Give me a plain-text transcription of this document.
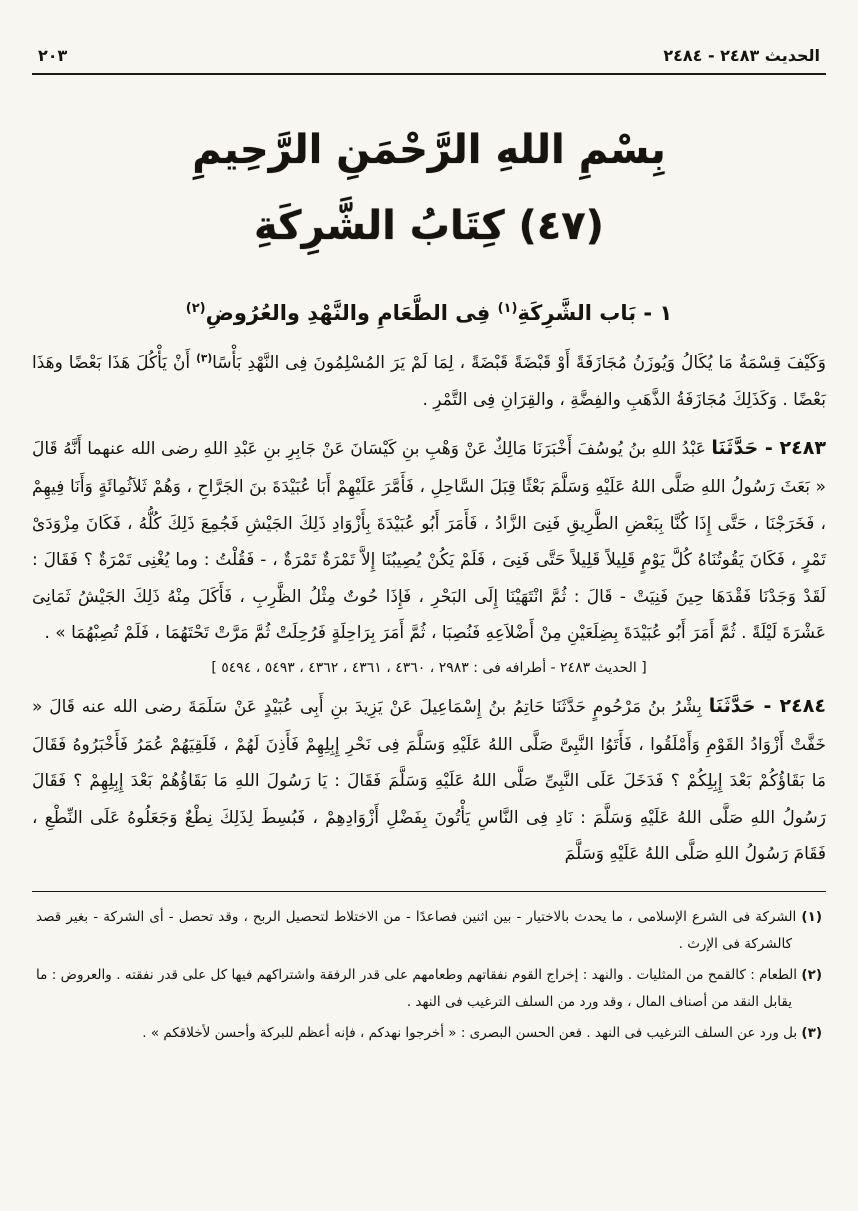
الحديث ٢٤٨٣ - ٢٤٨٤
٢٠٣
بِسْمِ اللهِ الرَّحْمَنِ الرَّحِيمِ
(٤٧) كِتَابُ الشَّرِكَةِ
١ - بَاب الشَّرِكَةِ$^{(١)}$ فِى الطَّعَامِ والنَّهْدِ والعُرُوضِ$^{(٢)}$

وَكَيْفَ قِسْمَةُ مَا يُكَالُ وَيُوزَنُ مُجَازَفَةً أَوْ قَبْضَةً قَبْضَةً ، لِمَا لَمْ يَرَ المُسْلِمُونَ فِى النَّهْدِ بَأْسًا$^{(٣)}$ أَنْ يَأْكُلَ هَذَا بَعْضًا وهَذَا بَعْضًا . وَكَذَلِكَ مُجَازَفَةُ الذَّهَبِ والفِضَّةِ ، والقِرَانِ فِى التَّمْرِ .

٢٤٨٣ - حَدَّثَنَا عَبْدُ اللهِ بنُ يُوسُفَ أَخْبَرَنَا مَالِكٌ عَنْ وَهْبِ بنِ كَيْسَانَ عَنْ جَابِرِ بنِ عَبْدِ اللهِ رضى الله عنهما أَنَّهُ قَالَ « بَعَثَ رَسُولُ اللهِ صَلَّى اللهُ عَلَيْهِ وَسَلَّمَ بَعْثًا قِبَلَ السَّاحِلِ ، فَأَمَّرَ عَلَيْهِمْ أَبَا عُبَيْدَةَ بنَ الجَرَّاحِ ، وَهُمْ ثَلاَثُمِائَةٍ وَأَنَا فِيهِمْ ، فَخَرَجْنَا ، حَتَّى إِذَا كُنَّا بِبَعْضِ الطَّرِيقِ فَنِىَ الزَّادُ ، فَأَمَرَ أَبُو عُبَيْدَةَ بِأَزْوَادِ ذَلِكَ الجَيْشِ فَجُمِعَ ذَلِكَ كُلُّهُ ، فَكَانَ مِزْوَدَىْ تَمْرٍ ، فَكَانَ يَقُوتُنَاهُ كُلَّ يَوْمٍ قَلِيلاً قَلِيلاً حَتَّى فَنِىَ ، فَلَمْ يَكُنْ يُصِيبُنَا إِلاَّ تَمْرَةٌ تَمْرَةٌ ، - فَقُلْتُ : وما يُغْنِى تَمْرَةٌ ؟ فَقَالَ : لَقَدْ وَجَدْنَا فَقْدَهَا حِينَ فَنِيَتْ - قَالَ : ثُمَّ انْتَهَيْنَا إِلَى البَحْرِ ، فَإِذَا حُوتٌ مِثْلُ الظَّرِبِ ، فَأَكَلَ مِنْهُ ذَلِكَ الجَيْشُ ثَمَانِىَ عَشْرَةَ لَيْلَةً . ثُمَّ أَمَرَ أَبُو عُبَيْدَةَ بِضِلَعَيْنِ مِنْ أَضْلاَعِهِ فَنُصِبَا ، ثُمَّ أَمَرَ بِرَاحِلَةٍ فَرُحِلَتْ ثُمَّ مَرَّتْ تَحْتَهُمَا ، فَلَمْ تُصِبْهُمَا » .

[ الحديث ٢٤٨٣ - أطرافه فى : ٢٩٨٣ ، ٤٣٦٠ ، ٤٣٦١ ، ٤٣٦٢ ، ٥٤٩٣ ، ٥٤٩٤ ]

٢٤٨٤ - حَدَّثَنَا بِشْرُ بنُ مَرْحُومٍ حَدَّثَنَا حَاتِمُ بنُ إِسْمَاعِيلَ عَنْ يَزِيدَ بنِ أَبِى عُبَيْدٍ عَنْ سَلَمَةَ رضى الله عنه قَالَ « خَفَّتْ أَزْوَادُ القَوْمِ وَأَمْلَقُوا ، فَأَتَوُا النَّبِىَّ صَلَّى اللهُ عَلَيْهِ وَسَلَّمَ فِى نَحْرِ إِبِلِهِمْ فَأَذِنَ لَهُمْ ، فَلَقِيَهُمْ عُمَرُ فَأَخْبَرُوهُ فَقَالَ مَا بَقَاؤُكُمْ بَعْدَ إِبِلِكُمْ ؟ فَدَخَلَ عَلَى النَّبِىِّ صَلَّى اللهُ عَلَيْهِ وَسَلَّمَ فَقَالَ : يَا رَسُولَ اللهِ مَا بَقَاؤُهُمْ بَعْدَ إِبِلِهِمْ ؟ فَقَالَ رَسُولُ اللهِ صَلَّى اللهُ عَلَيْهِ وَسَلَّمَ : نَادِ فِى النَّاسِ يَأْتُونَ بِفَضْلِ أَزْوَادِهِمْ ، فَبُسِطَ لِذَلِكَ نِطْعٌ وَجَعَلُوهُ عَلَى النِّطْعِ ، فَقَامَ رَسُولُ اللهِ صَلَّى اللهُ عَلَيْهِ وَسَلَّمَ

(١) الشركة فى الشرع الإسلامى ، ما يحدث بالاختيار - بين اثنين فصاعدًا - من الاختلاط لتحصيل الربح ، وقد تحصل - أى الشركة - بغير قصد كالشركة فى الإرث .

(٢) الطعام : كالقمح من المثليات . والنهد : إخراج القوم نفقاتهم وطعامهم على قدر الرفقة واشتراكهم فيها كل على قدر نفقته . والعروض : ما يقابل النقد من أصناف المال ، وقد ورد من السلف الترغيب فى النهد .

(٣) بل ورد عن السلف الترغيب فى النهد . فعن الحسن البصرى : « أخرجوا نهدكم ، فإنه أعظم للبركة وأحسن لأخلاقكم » .
